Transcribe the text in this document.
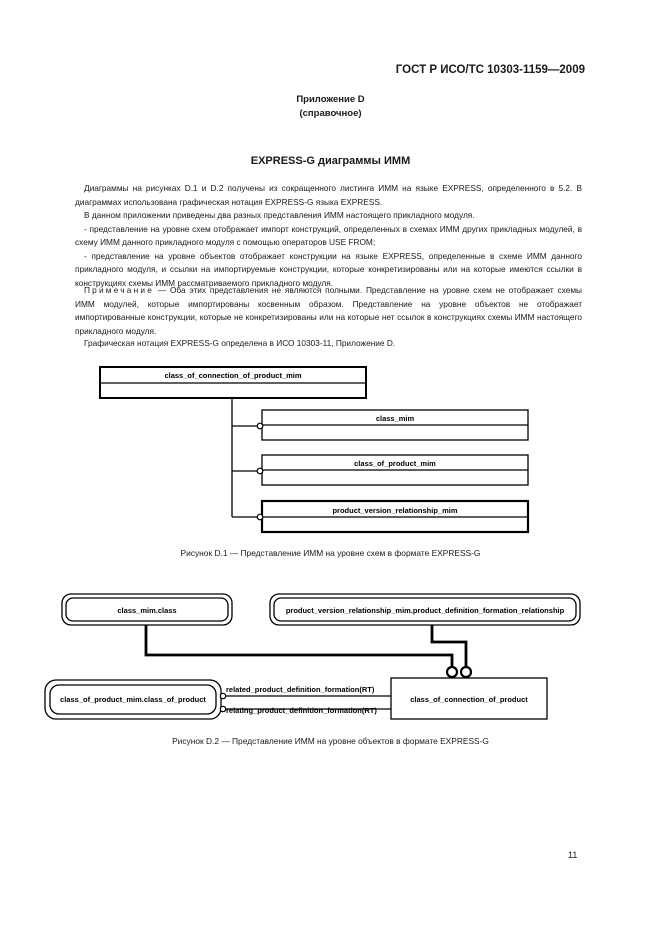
ГОСТ Р ИСО/ТС 10303-1159—2009
Приложение D
(справочное)
EXPRESS-G диаграммы ИММ

Диаграммы на рисунках D.1 и D.2 получены из сокращенного листинга ИММ на языке EXPRESS, определенного в 5.2. В диаграммах использована графическая нотация EXPRESS-G языка EXPRESS.

В данном приложении приведены два разных представления ИММ настоящего прикладного модуля.

- представление на уровне схем отображает импорт конструкций, определенных в схемах ИММ других прикладных модулей, в схему ИММ данного прикладного модуля с помощью операторов USE FROM;

- представление на уровне объектов отображает конструкции на языке EXPRESS, определенные в схеме ИММ данного прикладного модуля, и ссылки на импортируемые конструкции, которые конкретизированы или на которые имеются ссылки в конструкциях схемы ИММ рассматриваемого прикладного модуля.

Примечание — Оба этих представления не являются полными. Представление на уровне схем не отображает схемы ИММ модулей, которые импортированы косвенным образом. Представление на уровне объектов не отображает импортированные конструкции, которые не конкретизированы или на которые нет ссылок в конструкциях схемы ИММ настоящего прикладного модуля.

Графическая нотация EXPRESS-G определена в ИСО 10303-11, Приложение D.

class_of_connection_of_product_mim
class_mim
class_of_product_mim
product_version_relationship_mim
Рисунок D.1 — Представление ИММ на уровне схем в формате EXPRESS-G
class_mim.class	product_version_relationship_mim.product_definition_formation_relationship
class_of_product_mim.class_of_product	class_of_connection_of_product
related_product_definition_formation(RT)
relating_product_definition_formation(RT)
Рисунок D.2 — Представление ИММ на уровне объектов в формате EXPRESS-G
11
